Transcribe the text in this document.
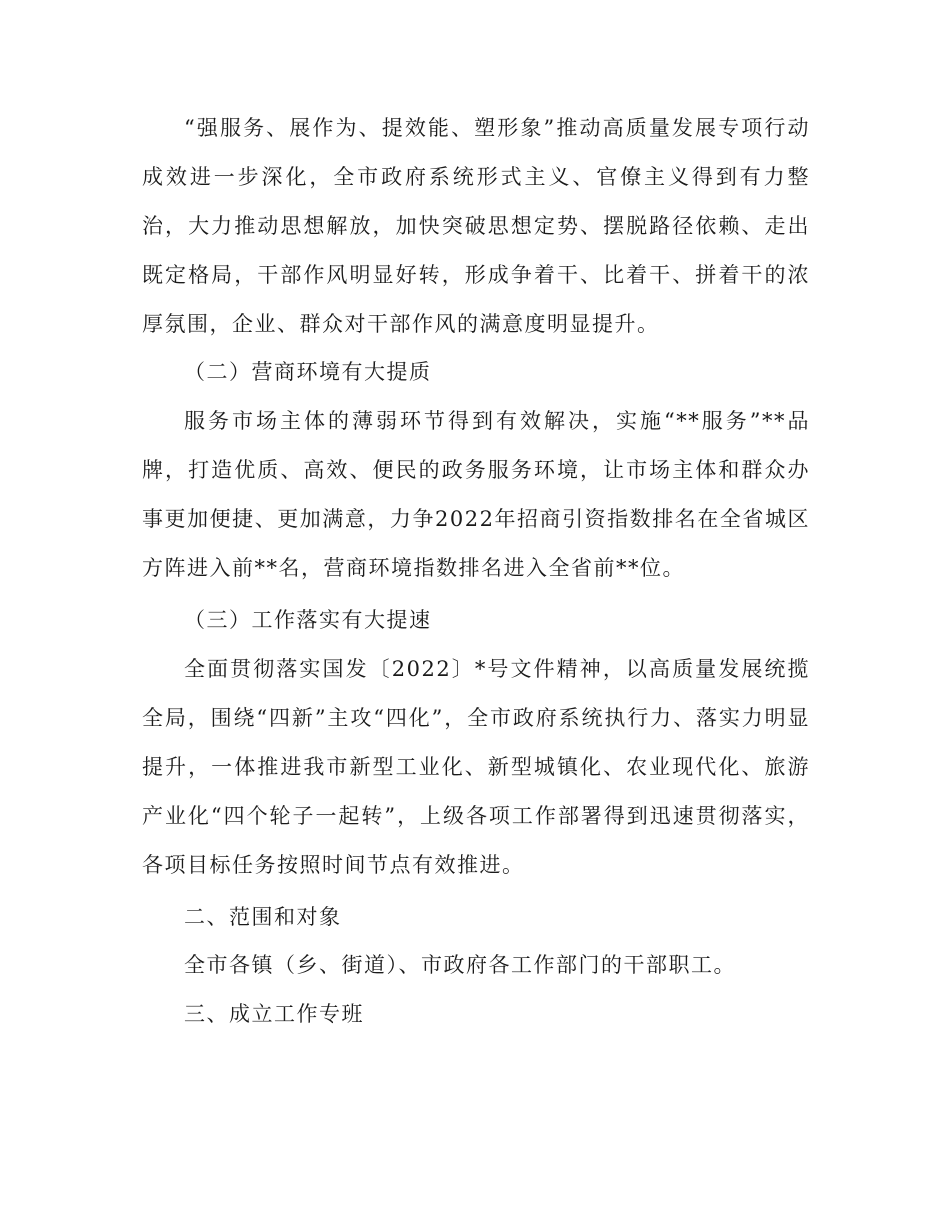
“强服务、展作为、提效能、塑形象”推动高质量发展专项行动成效进一步深化，全市政府系统形式主义、官僚主义得到有力整治，大力推动思想解放，加快突破思想定势、摆脱路径依赖、走出既定格局，干部作风明显好转，形成争着干、比着干、拼着干的浓厚氛围，企业、群众对干部作风的满意度明显提升。

（二）营商环境有大提质

服务市场主体的薄弱环节得到有效解决，实施“**服务”**品牌，打造优质、高效、便民的政务服务环境，让市场主体和群众办事更加便捷、更加满意，力争2022年招商引资指数排名在全省城区方阵进入前**名，营商环境指数排名进入全省前**位。

（三）工作落实有大提速

全面贯彻落实国发〔2022〕*号文件精神，以高质量发展统揽全局，围绕“四新”主攻“四化”，全市政府系统执行力、落实力明显提升，一体推进我市新型工业化、新型城镇化、农业现代化、旅游产业化“四个轮子一起转”，上级各项工作部署得到迅速贯彻落实，各项目标任务按照时间节点有效推进。

二、范围和对象

全市各镇（乡、街道）、市政府各工作部门的干部职工。

三、成立工作专班
